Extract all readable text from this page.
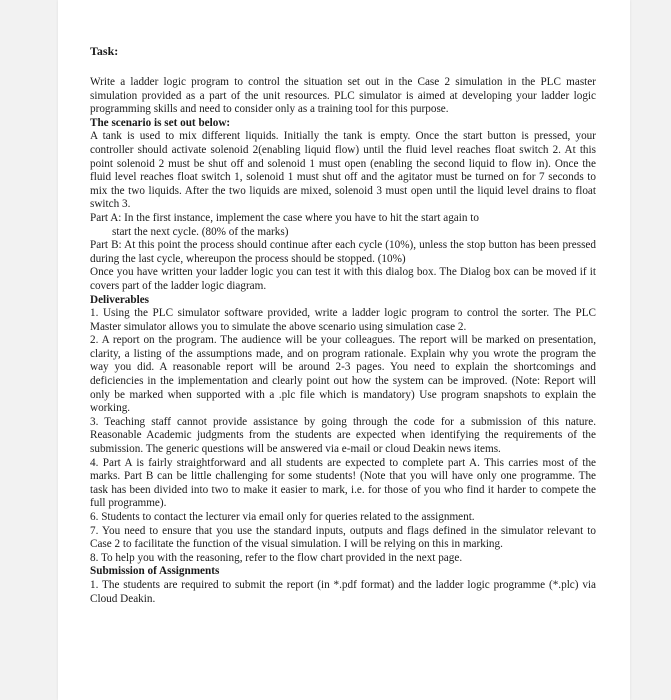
Task:

Write a ladder logic program to control the situation set out in the Case 2 simulation in the PLC master simulation provided as a part of the unit resources. PLC simulator is aimed at developing your ladder logic programming skills and need to consider only as a training tool for this purpose.

The scenario is set out below:

A tank is used to mix different liquids. Initially the tank is empty. Once the start button is pressed, your controller should activate solenoid 2(enabling liquid flow) until the fluid level reaches float switch 2. At this point solenoid 2 must be shut off and solenoid 1 must open (enabling the second liquid to flow in). Once the fluid level reaches float switch 1, solenoid 1 must shut off and the agitator must be turned on for 7 seconds to mix the two liquids. After the two liquids are mixed, solenoid 3 must open until the liquid level drains to float switch 3.

Part A: In the first instance, implement the case where you have to hit the start again to

start the next cycle. (80% of the marks)

Part B: At this point the process should continue after each cycle (10%), unless the stop button has been pressed during the last cycle, whereupon the process should be stopped. (10%)

Once you have written your ladder logic you can test it with this dialog box. The Dialog box can be moved if it covers part of the ladder logic diagram.

Deliverables

1. Using the PLC simulator software provided, write a ladder logic program to control the sorter. The PLC Master simulator allows you to simulate the above scenario using simulation case 2.

2. A report on the program. The audience will be your colleagues. The report will be marked on presentation, clarity, a listing of the assumptions made, and on program rationale. Explain why you wrote the program the way you did. A reasonable report will be around 2-3 pages. You need to explain the shortcomings and deficiencies in the implementation and clearly point out how the system can be improved. (Note: Report will only be marked when supported with a .plc file which is mandatory) Use program snapshots to explain the working.

3. Teaching staff cannot provide assistance by going through the code for a submission of this nature. Reasonable Academic judgments from the students are expected when identifying the requirements of the submission. The generic questions will be answered via e-mail or cloud Deakin news items.

4. Part A is fairly straightforward and all students are expected to complete part A. This carries most of the marks. Part B can be little challenging for some students! (Note that you will have only one programme. The task has been divided into two to make it easier to mark, i.e. for those of you who find it harder to compete the full programme).

6. Students to contact the lecturer via email only for queries related to the assignment.

7. You need to ensure that you use the standard inputs, outputs and flags defined in the simulator relevant to Case 2 to facilitate the function of the visual simulation. I will be relying on this in marking.

8. To help you with the reasoning, refer to the flow chart provided in the next page.

Submission of Assignments

1. The students are required to submit the report (in *.pdf format) and the ladder logic programme (*.plc) via Cloud Deakin.
